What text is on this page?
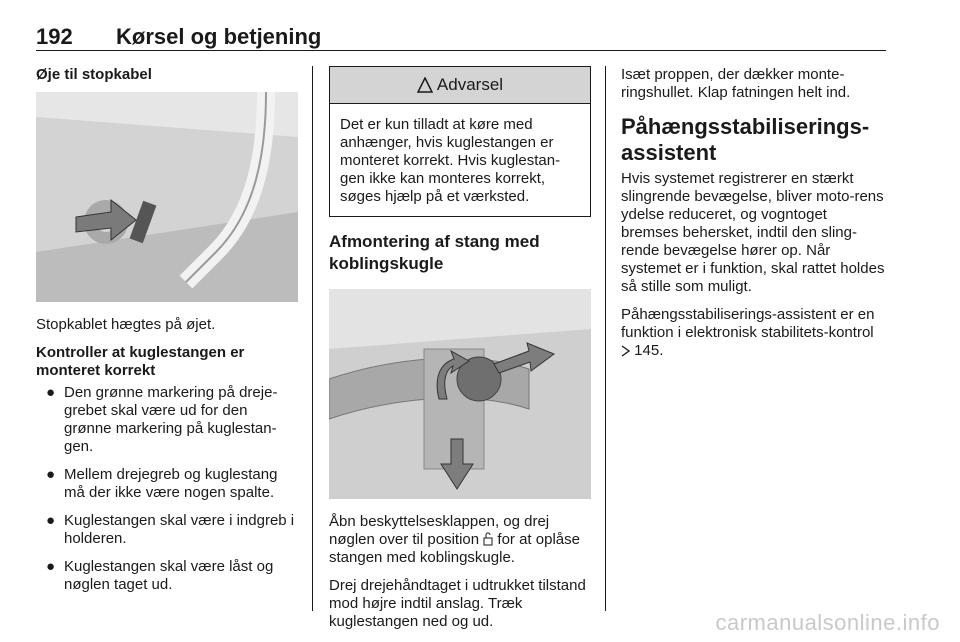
192 Kørsel og betjening
Øje til stopkabel

Stopkablet hægtes på øjet.

Kontroller at kuglestangen er monteret korrekt
● Den grønne markering på dreje-grebet skal være ud for den grønne markering på kuglestan-gen.
● Mellem drejegreb og kuglestang må der ikke være nogen spalte.
● Kuglestangen skal være i indgreb i holderen.
● Kuglestangen skal være låst og nøglen taget ud.
Advarsel
Det er kun tilladt at køre med anhænger, hvis kuglestangen er monteret korrekt. Hvis kuglestan-gen ikke kan monteres korrekt, søges hjælp på et værksted.
Afmontering af stang med koblingskugle

Åbn beskyttelsesklappen, og drej nøglen over til position  for at oplåse stangen med koblingskugle.

Drej drejehåndtaget i udtrukket tilstand mod højre indtil anslag. Træk kuglestangen ned og ud.

Isæt proppen, der dækker monte-ringshullet. Klap fatningen helt ind.

Påhængsstabiliserings-assistent

Hvis systemet registrerer en stærkt slingrende bevægelse, bliver moto-rens ydelse reduceret, og vogntoget bremses behersket, indtil den sling-rende bevægelse hører op. Når systemet er i funktion, skal rattet holdes så stille som muligt.

Påhængsstabiliserings-assistent er en funktion i elektronisk stabilitets-kontrol  145.

carmanualsonline.info
